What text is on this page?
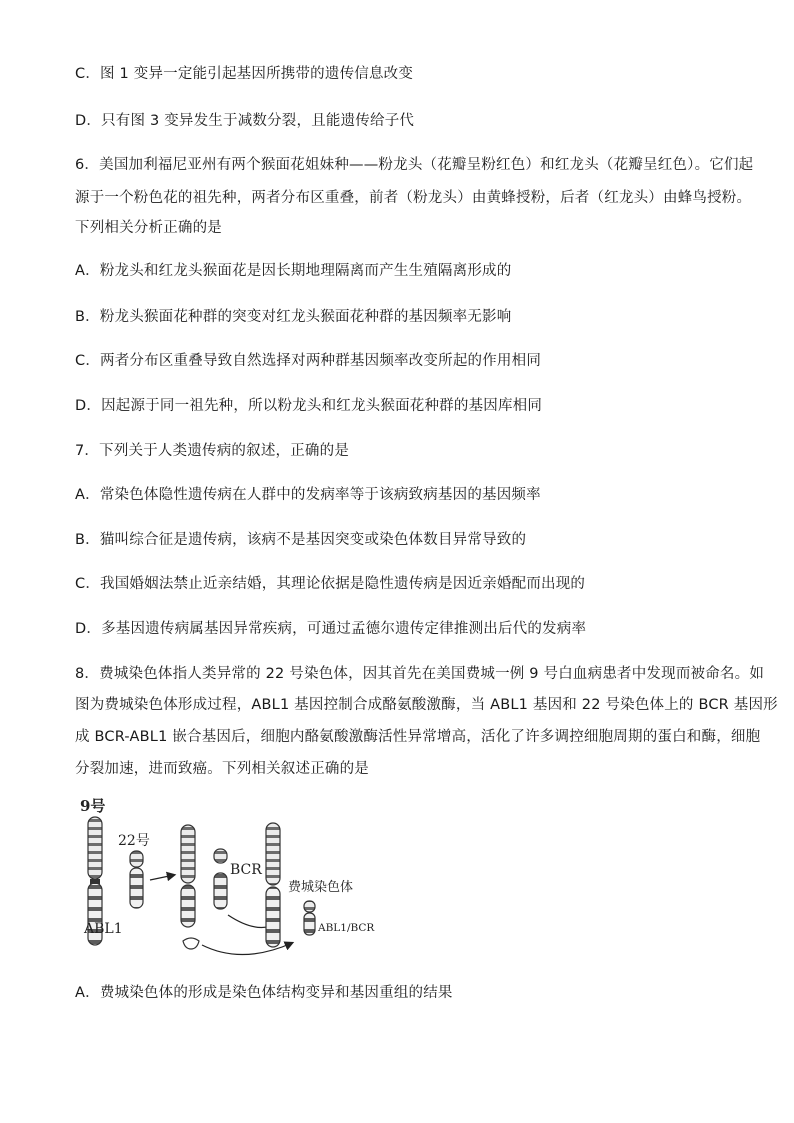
C．图 1 变异一定能引起基因所携带的遗传信息改变
D．只有图 3 变异发生于减数分裂，且能遗传给子代
6．美国加利福尼亚州有两个猴面花姐妹种——粉龙头（花瓣呈粉红色）和红龙头（花瓣呈红色）。它们起
源于一个粉色花的祖先种，两者分布区重叠，前者（粉龙头）由黄蜂授粉，后者（红龙头）由蜂鸟授粉。
下列相关分析正确的是
A．粉龙头和红龙头猴面花是因长期地理隔离而产生生殖隔离形成的
B．粉龙头猴面花种群的突变对红龙头猴面花种群的基因频率无影响
C．两者分布区重叠导致自然选择对两种群基因频率改变所起的作用相同
D．因起源于同一祖先种，所以粉龙头和红龙头猴面花种群的基因库相同
7．下列关于人类遗传病的叙述，正确的是
A．常染色体隐性遗传病在人群中的发病率等于该病致病基因的基因频率
B．猫叫综合征是遗传病，该病不是基因突变或染色体数目异常导致的
C．我国婚姻法禁止近亲结婚，其理论依据是隐性遗传病是因近亲婚配而出现的
D．多基因遗传病属基因异常疾病，可通过孟德尔遗传定律推测出后代的发病率
8．费城染色体指人类异常的 22 号染色体，因其首先在美国费城一例 9 号白血病患者中发现而被命名。如
图为费城染色体形成过程，ABL1 基因控制合成酪氨酸激酶，当 ABL1 基因和 22 号染色体上的 BCR 基因形
成 BCR-ABL1 嵌合基因后，细胞内酪氨酸激酶活性异常增高，活化了许多调控细胞周期的蛋白和酶，细胞
分裂加速，进而致癌。下列相关叙述正确的是
9号
ABL1
22号
BCR
费城染色体
ABL1/BCR
A．费城染色体的形成是染色体结构变异和基因重组的结果
